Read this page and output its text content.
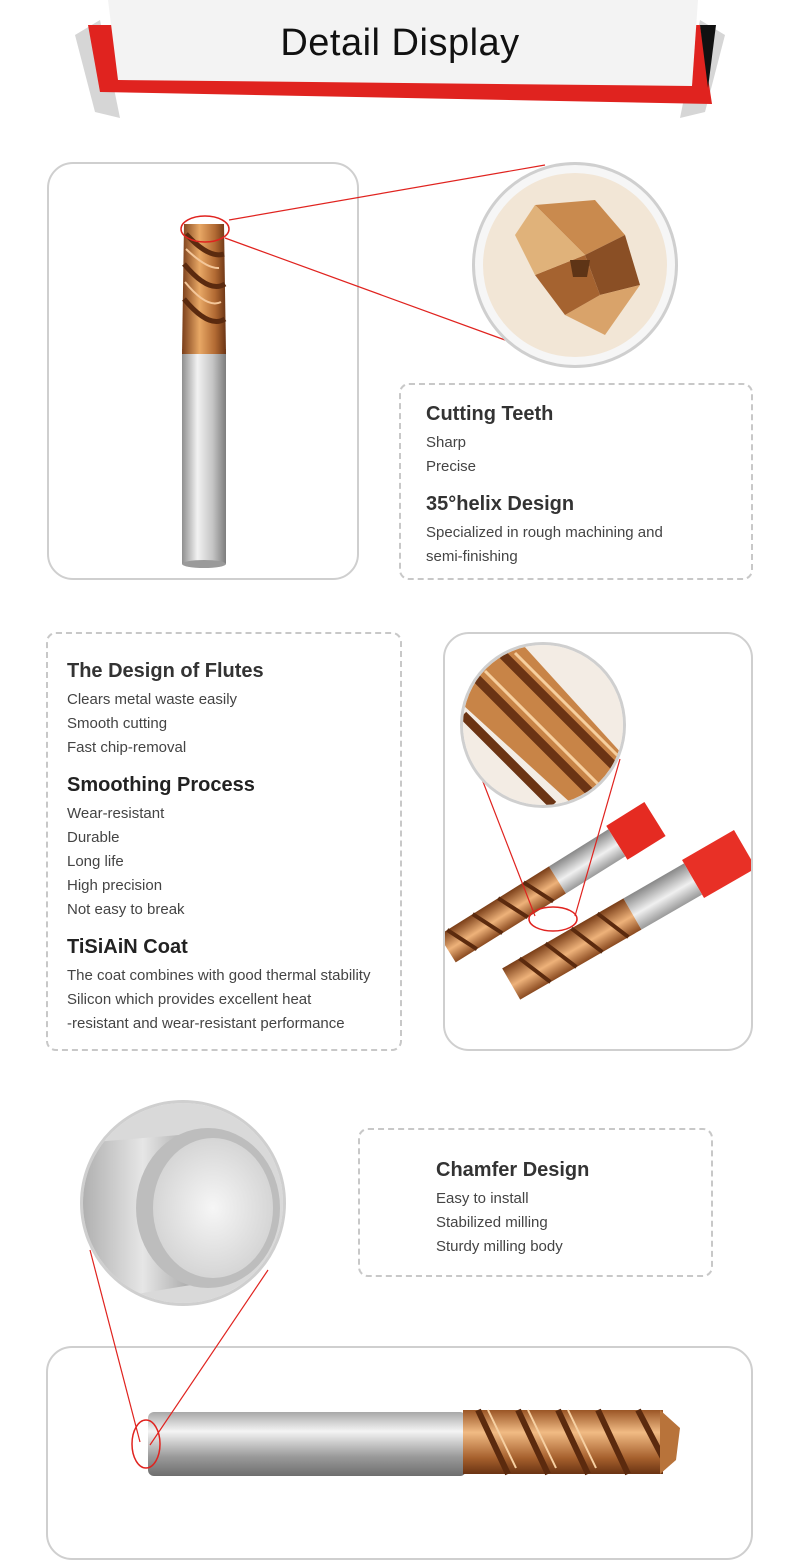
Detail Display

Cutting Teeth

Sharp

Precise

35°helix Design

Specialized in rough machining and

semi-finishing

The Design of Flutes

Clears metal waste easily

Smooth cutting

Fast chip-removal

Smoothing Process

Wear-resistant

Durable

Long life

High precision

Not easy to break

TiSiAiN Coat

The coat combines with good thermal stability

Silicon which provides excellent heat

-resistant and wear-resistant performance

Chamfer Design

Easy to install

Stabilized milling

Sturdy milling body
